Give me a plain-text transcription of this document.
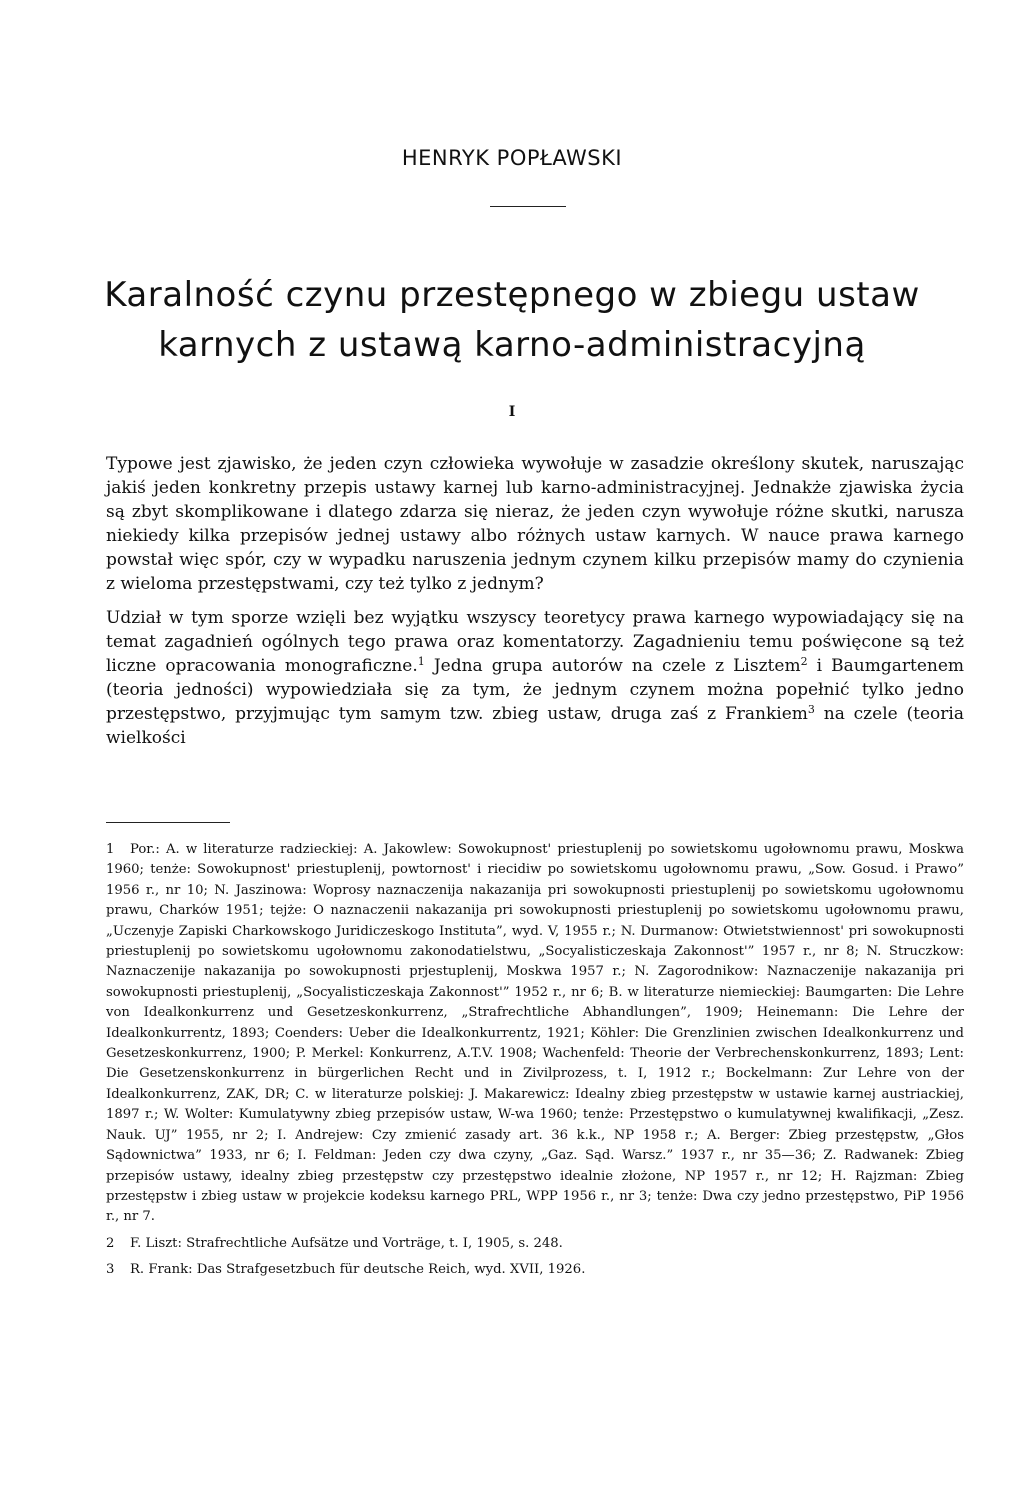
HENRYK POPŁAWSKI
Karalność czynu przestępnego w zbiegu ustaw
karnych z ustawą karno-administracyjną
I

Typowe jest zjawisko, że jeden czyn człowieka wywołuje w zasadzie określony skutek, naruszając jakiś jeden konkretny przepis ustawy karnej lub karno-administracyjnej. Jednakże zjawiska życia są zbyt skomplikowane i dlatego zdarza się nieraz, że jeden czyn wywołuje różne skutki, narusza niekiedy kilka przepisów jednej ustawy albo różnych ustaw karnych. W nauce prawa karnego powstał więc spór, czy w wypadku naruszenia jednym czynem kilku przepisów mamy do czynienia z wieloma przestępstwami, czy też tylko z jednym?

Udział w tym sporze wzięli bez wyjątku wszyscy teoretycy prawa karnego wypowiadający się na temat zagadnień ogólnych tego prawa oraz komentatorzy. Zagadnieniu temu poświęcone są też liczne opracowania monograficzne.$^1$ Jedna grupa autorów na czele z Lisztem$^2$ i Baumgartenem (teoria jedności) wypowiedziała się za tym, że jednym czynem można popełnić tylko jedno przestępstwo, przyjmując tym samym tzw. zbieg ustaw, druga zaś z Frankiem$^3$ na czele (teoria wielkości

1 Por.: A. w literaturze radzieckiej: A. Jakowlew: Sowokupnost' priestuplenij po sowietskomu ugołownomu prawu, Moskwa 1960; tenże: Sowokupnost' priestuplenij, powtornost' i riecidiw po sowietskomu ugołownomu prawu, „Sow. Gosud. i Prawo” 1956 r., nr 10; N. Jaszinowa: Woprosy naznaczenija nakazanija pri sowokupnosti priestuplenij po sowietskomu ugołownomu prawu, Charków 1951; tejże: O naznaczenii nakazanija pri sowokupnosti priestuplenij po sowietskomu ugołownomu prawu, „Uczenyje Zapiski Charkowskogo Juridiczeskogo Instituta”, wyd. V, 1955 r.; N. Durmanow: Otwietstwiennost' pri sowokupnosti priestuplenij po sowietskomu ugołownomu zakonodatielstwu, „Socyalisticzeskaja Zakonnost'” 1957 r., nr 8; N. Struczkow: Naznaczenije nakazanija po sowokupnosti prjestuplenij, Moskwa 1957 r.; N. Zagorodnikow: Naznaczenije nakazanija pri sowokupnosti priestuplenij, „Socyalisticzeskaja Zakonnost'” 1952 r., nr 6; B. w literaturze niemieckiej: Baumgarten: Die Lehre von Idealkonkurrenz und Gesetzeskonkurrenz, „Strafrechtliche Abhandlungen”, 1909; Heinemann: Die Lehre der Idealkonkurrentz, 1893; Coenders: Ueber die Idealkonkurrentz, 1921; Köhler: Die Grenzlinien zwischen Idealkonkurrenz und Gesetzeskonkurrenz, 1900; P. Merkel: Konkurrenz, A.T.V. 1908; Wachenfeld: Theorie der Verbrechenskonkurrenz, 1893; Lent: Die Gesetzenskonkurrenz in bürgerlichen Recht und in Zivilprozess, t. I, 1912 r.; Bockelmann: Zur Lehre von der Idealkonkurrenz, ZAK, DR; C. w literaturze polskiej: J. Makarewicz: Idealny zbieg przestępstw w ustawie karnej austriackiej, 1897 r.; W. Wolter: Kumulatywny zbieg przepisów ustaw, W-wa 1960; tenże: Przestępstwo o kumulatywnej kwalifikacji, „Zesz. Nauk. UJ” 1955, nr 2; I. Andrejew: Czy zmienić zasady art. 36 k.k., NP 1958 r.; A. Berger: Zbieg przestępstw, „Głos Sądownictwa” 1933, nr 6; I. Feldman: Jeden czy dwa czyny, „Gaz. Sąd. Warsz.” 1937 r., nr 35—36; Z. Radwanek: Zbieg przepisów ustawy, idealny zbieg przestępstw czy przestępstwo idealnie złożone, NP 1957 r., nr 12; H. Rajzman: Zbieg przestępstw i zbieg ustaw w projekcie kodeksu karnego PRL, WPP 1956 r., nr 3; tenże: Dwa czy jedno przestępstwo, PiP 1956 r., nr 7.

2 F. Liszt: Strafrechtliche Aufsätze und Vorträge, t. I, 1905, s. 248.

3 R. Frank: Das Strafgesetzbuch für deutsche Reich, wyd. XVII, 1926.
